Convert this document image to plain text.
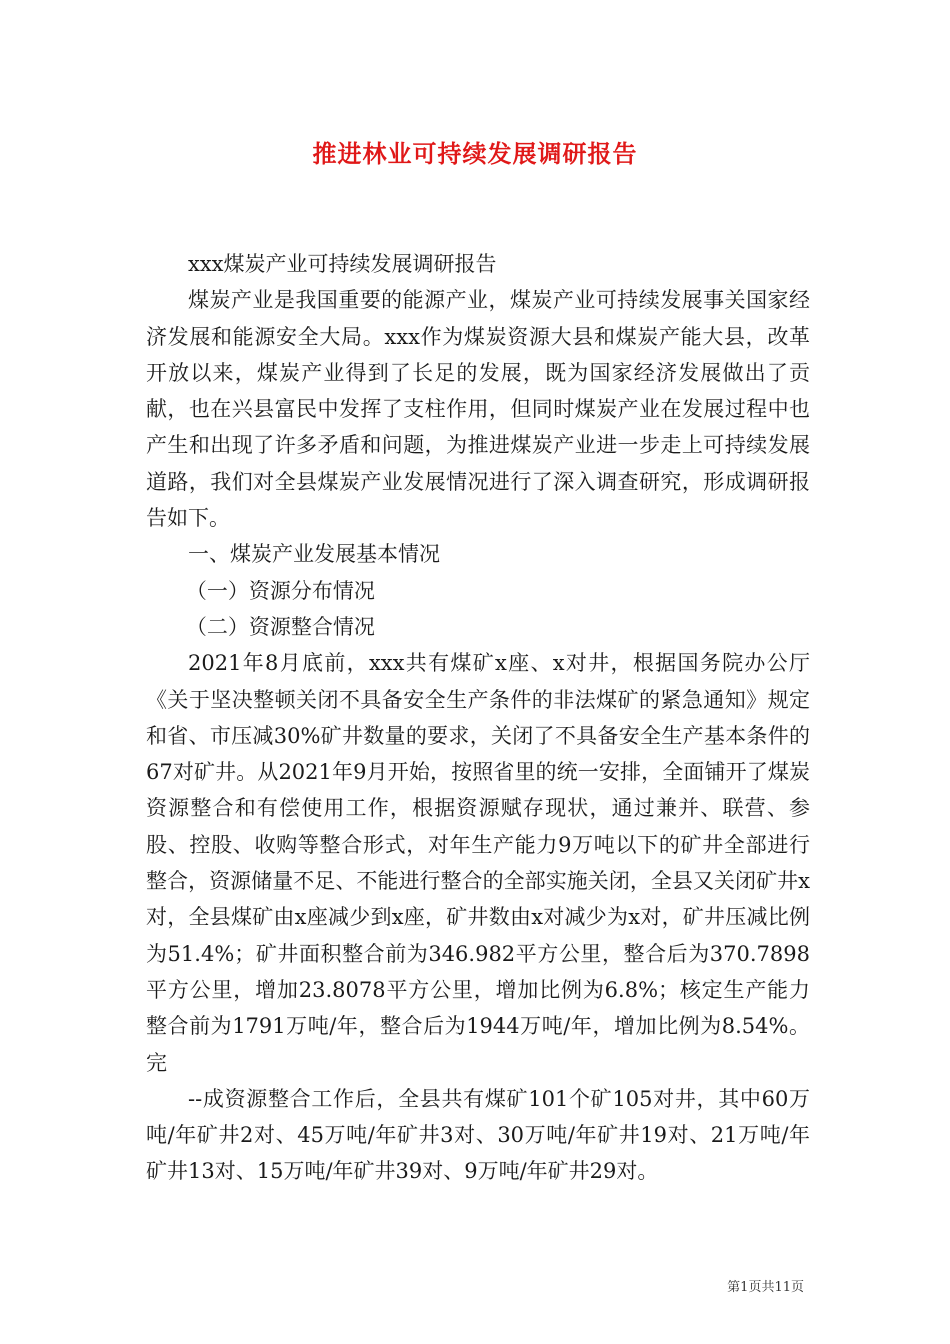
推进林业可持续发展调研报告

xxx煤炭产业可持续发展调研报告

煤炭产业是我国重要的能源产业，煤炭产业可持续发展事关国家经济发展和能源安全大局。xxx作为煤炭资源大县和煤炭产能大县，改革开放以来，煤炭产业得到了长足的发展，既为国家经济发展做出了贡献，也在兴县富民中发挥了支柱作用，但同时煤炭产业在发展过程中也产生和出现了许多矛盾和问题，为推进煤炭产业进一步走上可持续发展道路，我们对全县煤炭产业发展情况进行了深入调查研究，形成调研报告如下。

一、煤炭产业发展基本情况

（一）资源分布情况

（二）资源整合情况

2021年8月底前，xxx共有煤矿x座、x对井，根据国务院办公厅《关于坚决整顿关闭不具备安全生产条件的非法煤矿的紧急通知》规定和省、市压减30%矿井数量的要求，关闭了不具备安全生产基本条件的67对矿井。从2021年9月开始，按照省里的统一安排，全面铺开了煤炭资源整合和有偿使用工作，根据资源赋存现状，通过兼并、联营、参股、控股、收购等整合形式，对年生产能力9万吨以下的矿井全部进行整合，资源储量不足、不能进行整合的全部实施关闭，全县又关闭矿井x对，全县煤矿由x座减少到x座，矿井数由x对减少为x对，矿井压减比例为51.4%；矿井面积整合前为346.982平方公里，整合后为370.7898平方公里，增加23.8078平方公里，增加比例为6.8%；核定生产能力整合前为1791万吨/年，整合后为1944万吨/年，增加比例为8.54%。完

--成资源整合工作后，全县共有煤矿101个矿105对井，其中60万吨/年矿井2对、45万吨/年矿井3对、30万吨/年矿井19对、21万吨/年矿井13对、15万吨/年矿井39对、9万吨/年矿井29对。

第1页共11页
